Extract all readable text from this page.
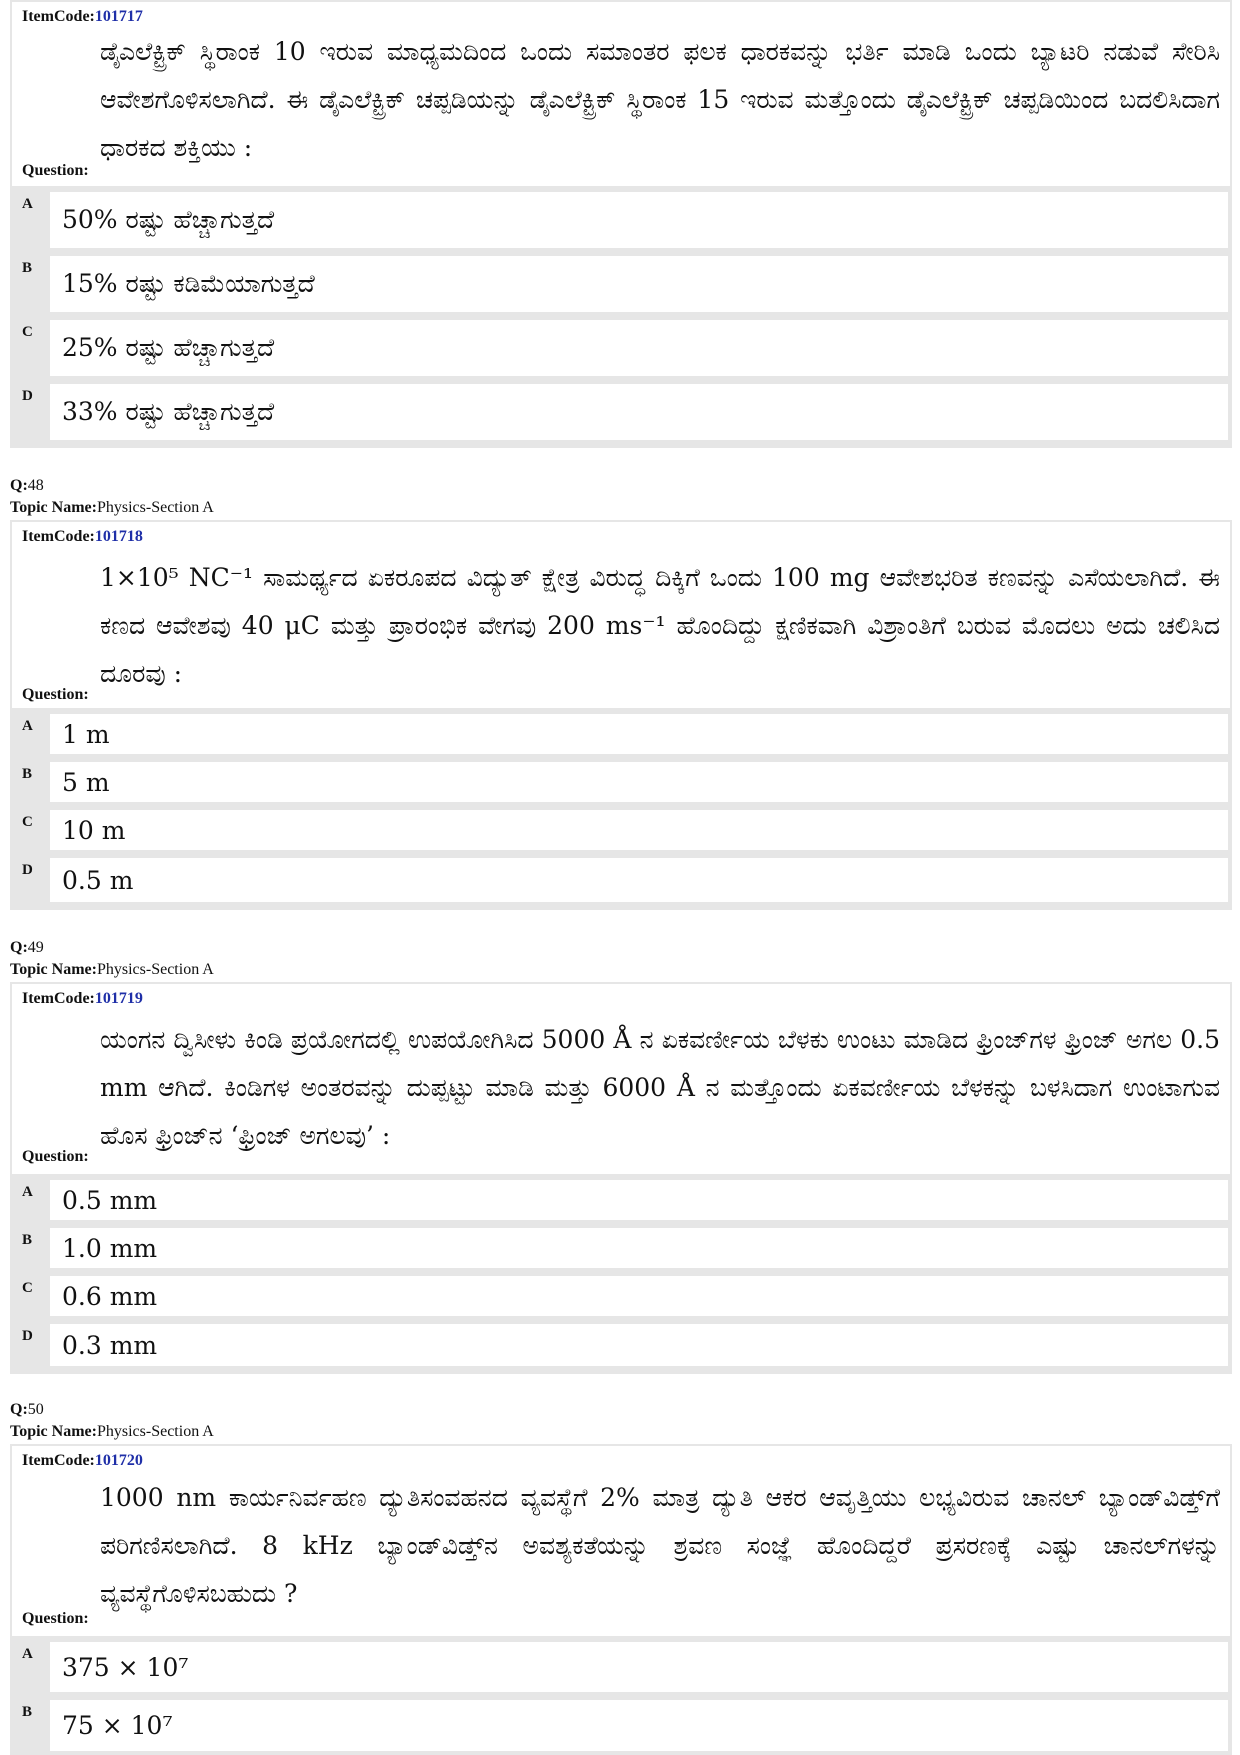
ItemCode:101717
ಡೈಎಲೆಕ್ಟ್ರಿಕ್ ಸ್ಥಿರಾಂಕ 10 ಇರುವ ಮಾಧ್ಯಮದಿಂದ ಒಂದು ಸಮಾಂತರ ಫಲಕ ಧಾರಕವನ್ನು ಭರ್ತಿ ಮಾಡಿ ಒಂದು ಬ್ಯಾಟರಿ ನಡುವೆ ಸೇರಿಸಿ ಆವೇಶಗೊಳಿಸಲಾಗಿದೆ. ಈ ಡೈಎಲೆಕ್ಟ್ರಿಕ್ ಚಪ್ಪಡಿಯನ್ನು ಡೈಎಲೆಕ್ಟ್ರಿಕ್ ಸ್ಥಿರಾಂಕ 15 ಇರುವ ಮತ್ತೊಂದು ಡೈಎಲೆಕ್ಟ್ರಿಕ್ ಚಪ್ಪಡಿಯಿಂದ ಬದಲಿಸಿದಾಗ ಧಾರಕದ ಶಕ್ತಿಯು :
Question:
A
50% ರಷ್ಟು ಹೆಚ್ಚಾಗುತ್ತದೆ
B
15% ರಷ್ಟು ಕಡಿಮೆಯಾಗುತ್ತದೆ
C
25% ರಷ್ಟು ಹೆಚ್ಚಾಗುತ್ತದೆ
D
33% ರಷ್ಟು ಹೆಚ್ಚಾಗುತ್ತದೆ
Q:48
Topic Name:Physics-Section A
ItemCode:101718
1×10⁵ NC⁻¹ ಸಾಮರ್ಥ್ಯದ ಏಕರೂಪದ ವಿದ್ಯುತ್ ಕ್ಷೇತ್ರ ವಿರುದ್ಧ ದಿಕ್ಕಿಗೆ ಒಂದು 100 mg ಆವೇಶಭರಿತ ಕಣವನ್ನು ಎಸೆಯಲಾಗಿದೆ. ಈ ಕಣದ ಆವೇಶವು 40 μC ಮತ್ತು ಪ್ರಾರಂಭಿಕ ವೇಗವು 200 ms⁻¹ ಹೊಂದಿದ್ದು ಕ್ಷಣಿಕವಾಗಿ ವಿಶ್ರಾಂತಿಗೆ ಬರುವ ಮೊದಲು ಅದು ಚಲಿಸಿದ ದೂರವು :
Question:
A	1 m
B	5 m
C	10 m
D	0.5 m
Q:49
Topic Name:Physics-Section A
ItemCode:101719
ಯಂಗನ ದ್ವಿಸೀಳು ಕಿಂಡಿ ಪ್ರಯೋಗದಲ್ಲಿ ಉಪಯೋಗಿಸಿದ 5000 Å ನ ಏಕವರ್ಣೀಯ ಬೆಳಕು ಉಂಟು ಮಾಡಿದ ಫ್ರಿಂಜ್‌ಗಳ ಫ್ರಿಂಜ್ ಅಗಲ 0.5 mm ಆಗಿದೆ. ಕಿಂಡಿಗಳ ಅಂತರವನ್ನು ದುಪ್ಪಟ್ಟು ಮಾಡಿ ಮತ್ತು 6000 Å ನ ಮತ್ತೊಂದು ಏಕವರ್ಣೀಯ ಬೆಳಕನ್ನು ಬಳಸಿದಾಗ ಉಂಟಾಗುವ ಹೊಸ ಫ್ರಿಂಜ್‌ನ ‘ಫ್ರಿಂಜ್ ಅಗಲವು’ :
Question:
A	0.5 mm
B	1.0 mm
C	0.6 mm
D	0.3 mm
Q:50
Topic Name:Physics-Section A
ItemCode:101720
1000 nm ಕಾರ್ಯನಿರ್ವಹಣ ದ್ಯುತಿಸಂವಹನದ ವ್ಯವಸ್ಥೆಗೆ 2% ಮಾತ್ರ ದ್ಯುತಿ ಆಕರ ಆವೃತ್ತಿಯು ಲಭ್ಯವಿರುವ ಚಾನಲ್ ಬ್ಯಾಂಡ್‌ವಿಡ್ತ್‌ಗೆ ಪರಿಗಣಿಸಲಾಗಿದೆ. 8 kHz ಬ್ಯಾಂಡ್‌ವಿಡ್ತ್‌ನ ಅವಶ್ಯಕತೆಯನ್ನು ಶ್ರವಣ ಸಂಜ್ಞೆ ಹೊಂದಿದ್ದರೆ ಪ್ರಸರಣಕ್ಕೆ ಎಷ್ಟು ಚಾನಲ್‌ಗಳನ್ನು ವ್ಯವಸ್ಥೆಗೊಳಿಸಬಹುದು ?
Question:
A	375 × 10⁷
B	75 × 10⁷
